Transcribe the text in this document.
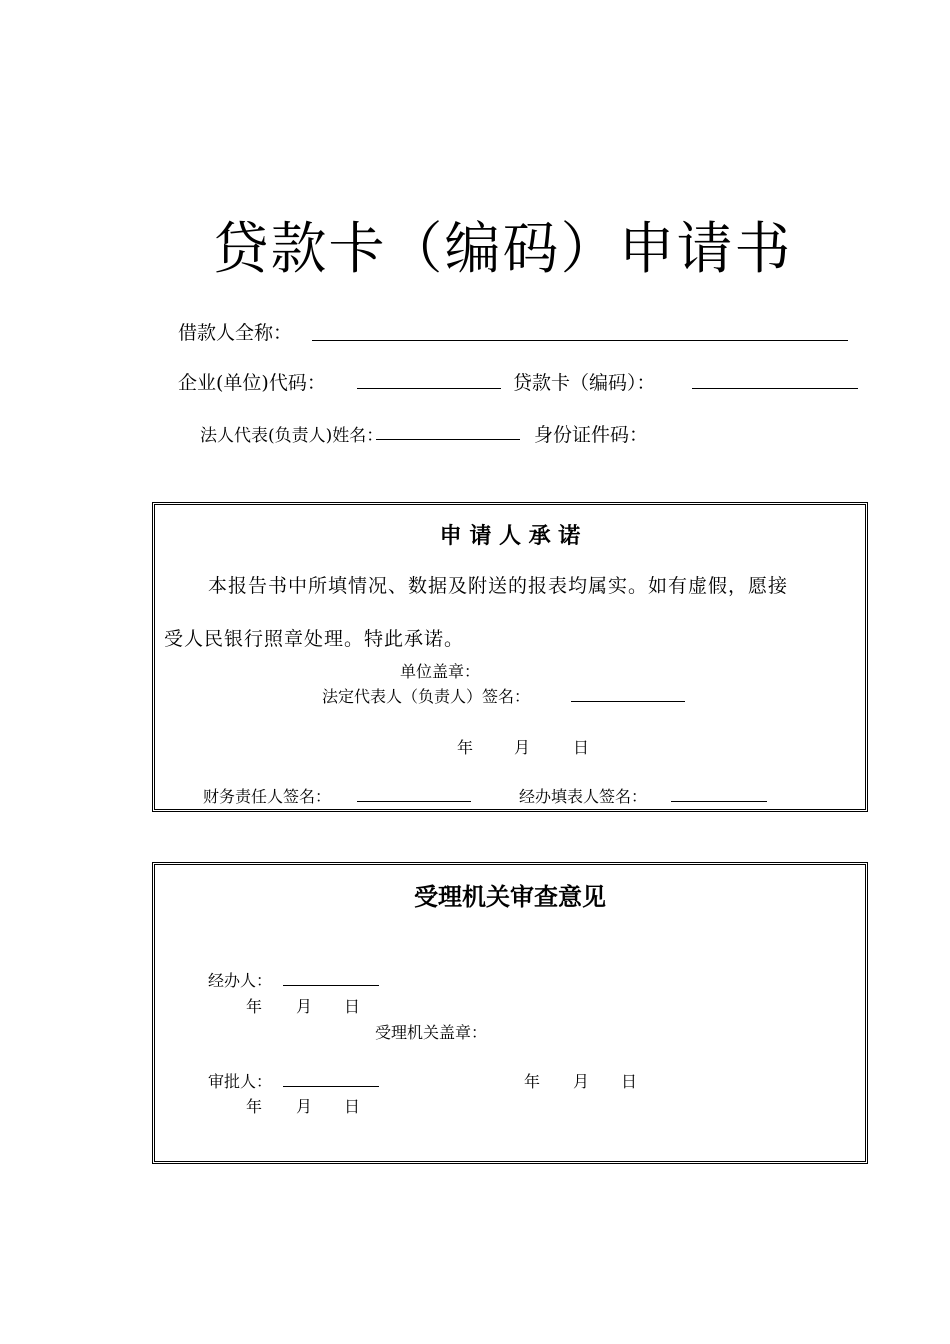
贷款卡（编码）申请书
借款人全称：
企业(单位)代码：	贷款卡（编码）：
法人代表(负责人)姓名：	身份证件码：
申 请 人 承 诺
本报告书中所填情况、数据及附送的报表均属实。如有虚假，愿接
受人民银行照章处理。特此承诺。
单位盖章：
法定代表人（负责人）签名：
年	月	日
财务责任人签名：	经办填表人签名：
受理机关审查意见
经办人：
年 月 日
受理机关盖章：
审批人：	年 月 日
年 月 日
